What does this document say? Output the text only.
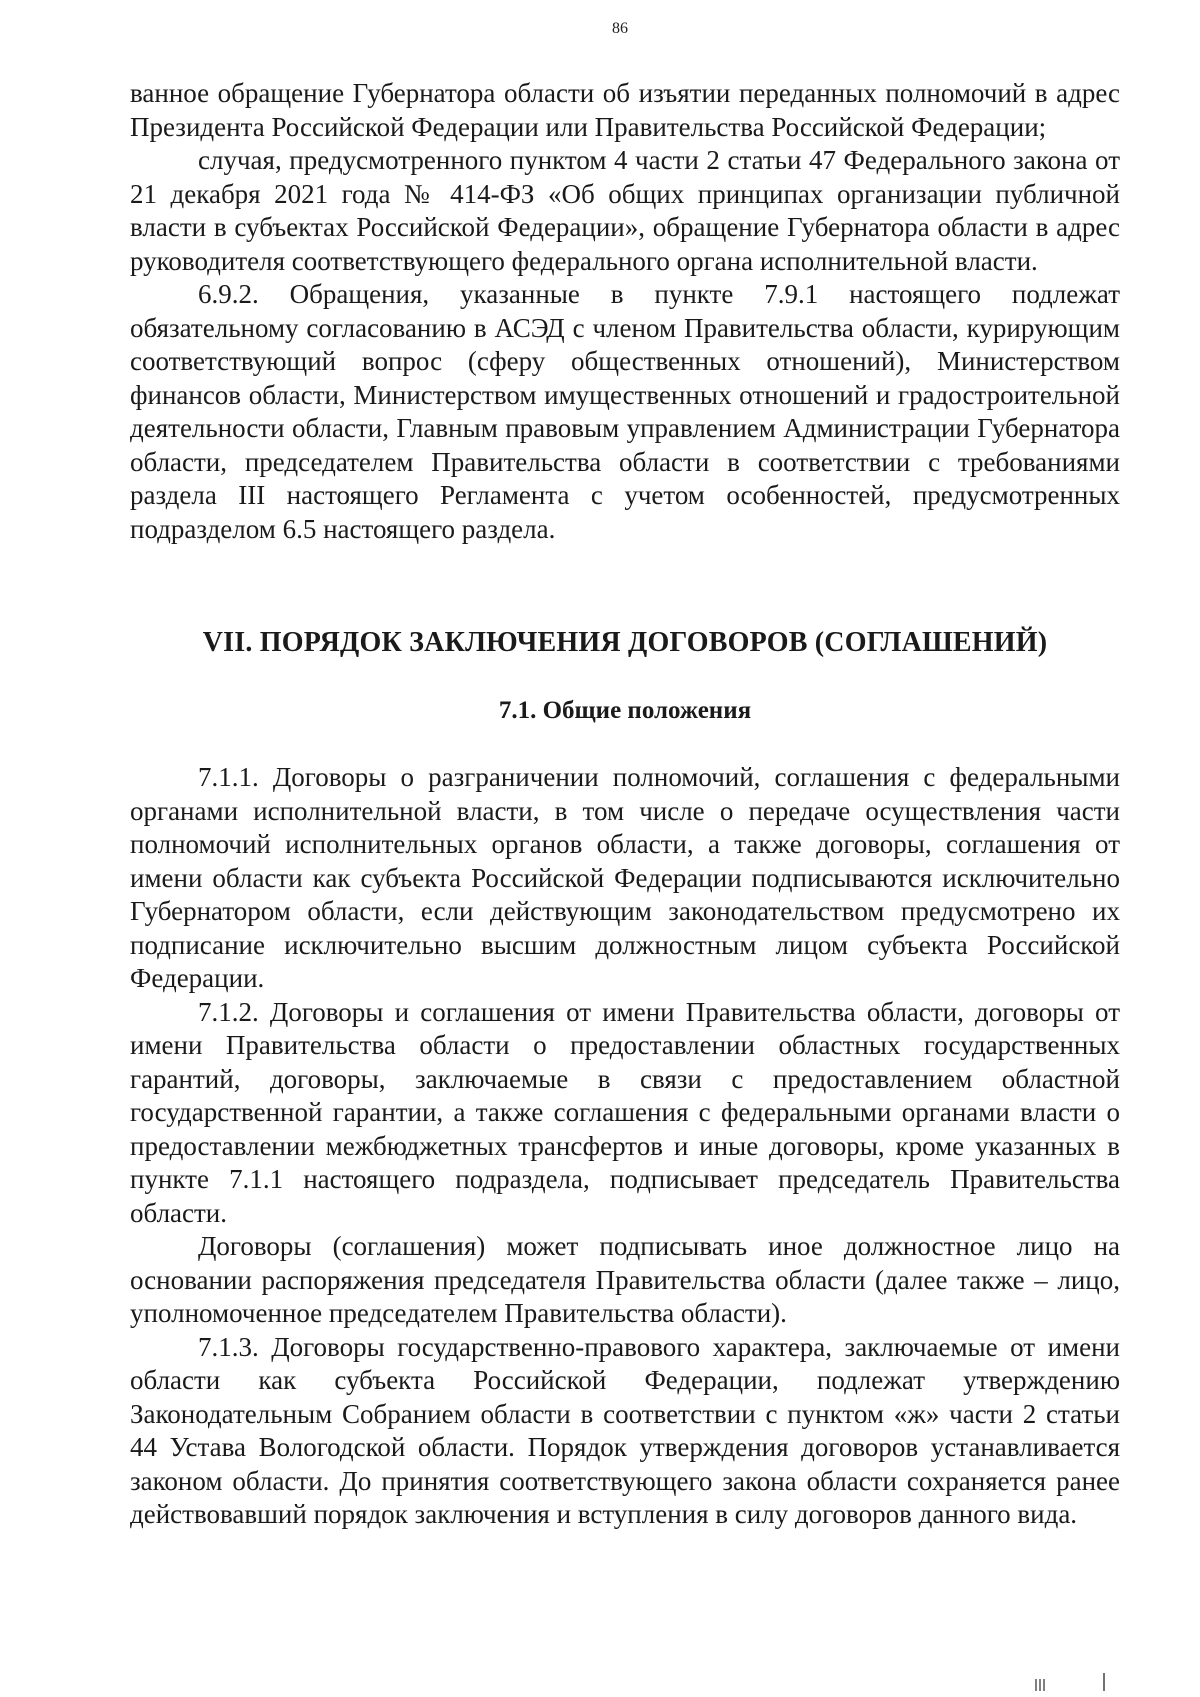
86

ванное обращение Губернатора области об изъятии переданных полномочий в адрес Президента Российской Федерации или Правительства Российской Федерации;

случая, предусмотренного пунктом 4 части 2 статьи 47 Федерального закона от 21 декабря 2021 года № 414-ФЗ «Об общих принципах организации публичной власти в субъектах Российской Федерации», обращение Губернатора области в адрес руководителя соответствующего федерального органа исполнительной власти.

6.9.2. Обращения, указанные в пункте 7.9.1 настоящего подлежат обязательному согласованию в АСЭД с членом Правительства области, курирующим соответствующий вопрос (сферу общественных отношений), Министерством финансов области, Министерством имущественных отношений и градостроительной деятельности области, Главным правовым управлением Администрации Губернатора области, председателем Правительства области в соответствии с требованиями раздела III настоящего Регламента с учетом особенностей, предусмотренных подразделом 6.5 настоящего раздела.

VII. ПОРЯДОК ЗАКЛЮЧЕНИЯ ДОГОВОРОВ (СОГЛАШЕНИЙ)
7.1. Общие положения

7.1.1. Договоры о разграничении полномочий, соглашения с федеральными органами исполнительной власти, в том числе о передаче осуществления части полномочий исполнительных органов области, а также договоры, соглашения от имени области как субъекта Российской Федерации подписываются исключительно Губернатором области, если действующим законодательством предусмотрено их подписание исключительно высшим должностным лицом субъекта Российской Федерации.

7.1.2. Договоры и соглашения от имени Правительства области, договоры от имени Правительства области о предоставлении областных государственных гарантий, договоры, заключаемые в связи с предоставлением областной государственной гарантии, а также соглашения с федеральными органами власти о предоставлении межбюджетных трансфертов и иные договоры, кроме указанных в пункте 7.1.1 настоящего подраздела, подписывает председатель Правительства области.

Договоры (соглашения) может подписывать иное должностное лицо на основании распоряжения председателя Правительства области (далее также – лицо, уполномоченное председателем Правительства области).

7.1.3. Договоры государственно-правового характера, заключаемые от имени области как субъекта Российской Федерации, подлежат утверждению Законодательным Собранием области в соответствии с пунктом «ж» части 2 статьи 44 Устава Вологодской области. Порядок утверждения договоров устанавливается законом области. До принятия соответствующего закона области сохраняется ранее действовавший порядок заключения и вступления в силу договоров данного вида.
